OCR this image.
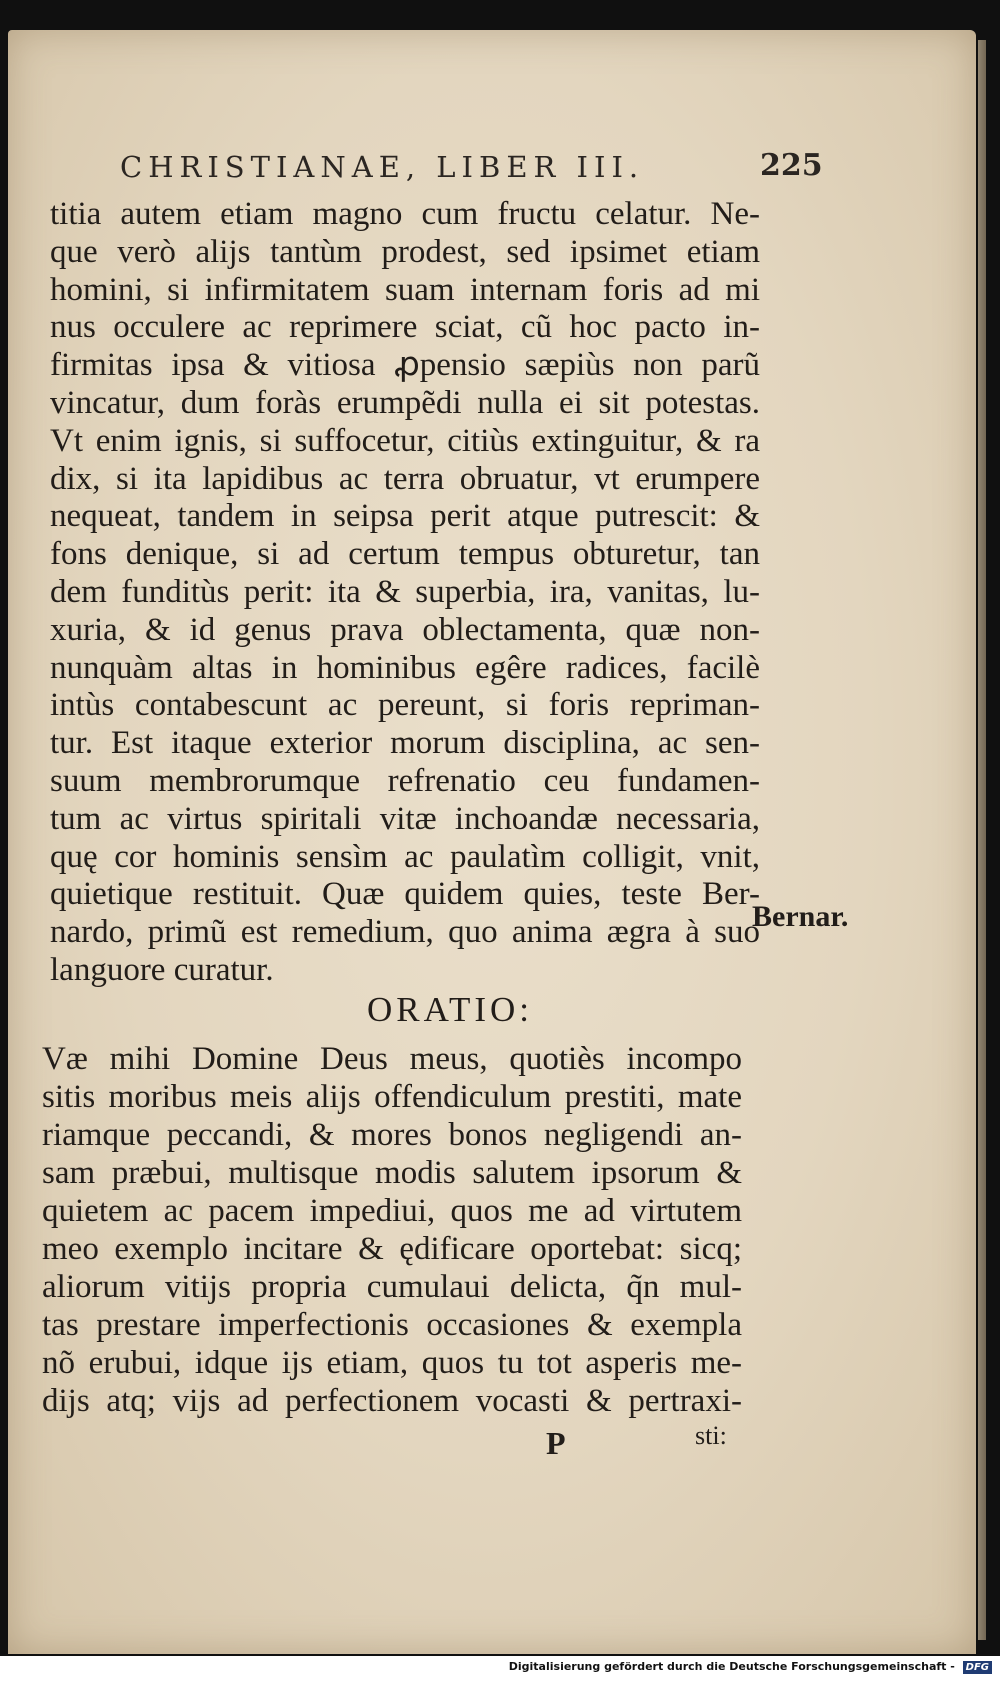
CHRISTIANAE, LIBER III.	225
titia autem etiam magno cum fructu celatur. Ne-
que verò alijs tantùm prodest, sed ipsimet etiam
homini, si infirmitatem suam internam foris ad mi
nus occulere ac reprimere sciat, cũ hoc pacto in-
firmitas ipsa & vitiosa ꝓpensio sæpiùs non parũ
vincatur, dum foràs erumpẽdi nulla ei sit potestas.
Vt enim ignis, si suffocetur, citiùs extinguitur, & ra
dix, si ita lapidibus ac terra obruatur, vt erumpere
nequeat, tandem in seipsa perit atque putrescit: &
fons denique, si ad certum tempus obturetur, tan
dem funditùs perit: ita & superbia, ira, vanitas, lu-
xuria, & id genus prava oblectamenta, quæ non-
nunquàm altas in hominibus egêre radices, facilè
intùs contabescunt ac pereunt, si foris repriman-
tur. Est itaque exterior morum disciplina, ac sen-
suum membrorumque refrenatio ceu fundamen-
tum ac virtus spiritali vitæ inchoandæ necessaria,
quę cor hominis sensìm ac paulatìm colligit, vnit,
quietique restituit. Quæ quidem quies, teste Ber-
nardo, primũ est remedium, quo anima ægra à suo
languore curatur.
Bernar.
ORATIO:
Væ mihi Domine Deus meus, quotiès incompo
sitis moribus meis alijs offendiculum prestiti, mate
riamque peccandi, & mores bonos negligendi an-
sam præbui, multisque modis salutem ipsorum &
quietem ac pacem impediui, quos me ad virtutem
meo exemplo incitare & ędificare oportebat: sicq;
aliorum vitijs propria cumulaui delicta, q̃n mul-
tas prestare imperfectionis occasiones & exempla
nõ erubui, idque ijs etiam, quos tu tot asperis me-
dijs atq; vijs ad perfectionem vocasti & pertraxi-
P	sti:
Digitalisierung gefördert durch die Deutsche Forschungsgemeinschaft - DFG
